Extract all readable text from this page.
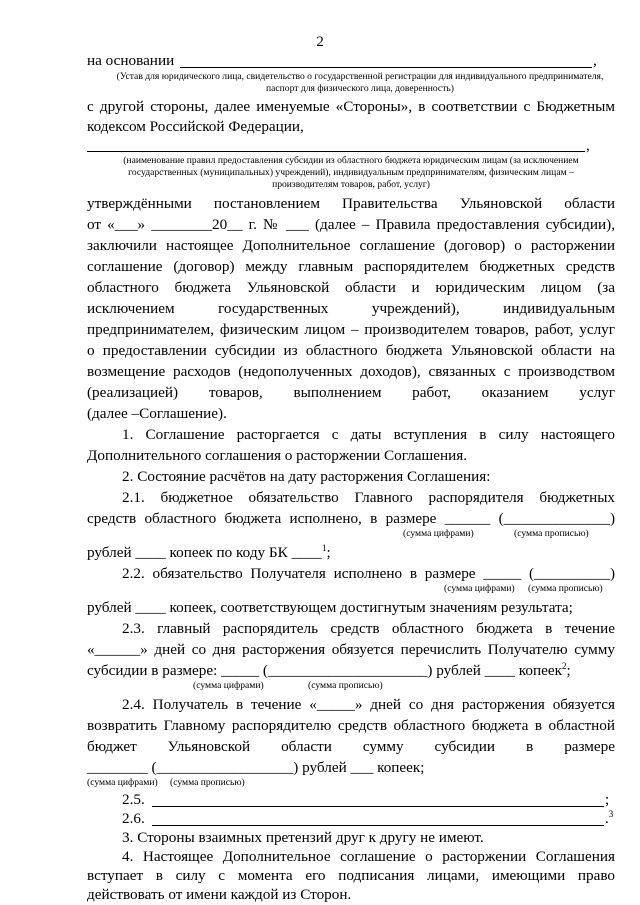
2
на основании	,
(Устав для юридического лица, свидетельство о государственной регистрации для индивидуального предпринимателя,
паспорт для физического лица, доверенность)
с другой стороны, далее именуемые «Стороны», в соответствии с Бюджетным
кодексом Российской Федерации,
,
(наименование правил предоставления субсидии из областного бюджета юридическим лицам (за исключением
государственных (муниципальных) учреждений), индивидуальным предпринимателям, физическим лицам –
производителям товаров, работ, услуг)
утверждёнными постановлением Правительства Ульяновской области
от «___» ________20__ г. № ___ (далее – Правила предоставления субсидии),
заключили настоящее Дополнительное соглашение (договор) о расторжении
соглашение (договор) между главным распорядителем бюджетных средств
областного бюджета Ульяновской области и юридическим лицом (за
исключением государственных учреждений), индивидуальным
предпринимателем, физическим лицом – производителем товаров, работ, услуг
о предоставлении субсидии из областного бюджета Ульяновской области на
возмещение расходов (недополученных доходов), связанных с производством
(реализацией) товаров, выполнением работ, оказанием услуг
(далее –Соглашение).
1. Соглашение расторгается с даты вступления в силу настоящего
Дополнительного соглашения о расторжении Соглашения.
2. Состояние расчётов на дату расторжения Соглашения:
2.1. бюджетное обязательство Главного распорядителя бюджетных
средств областного бюджета исполнено, в размере ______ (______________)
(сумма цифрами)	(сумма прописью)
рублей ____ копеек по коду БК ____$^1$;
2.2. обязательство Получателя исполнено в размере _____ (__________)
(сумма цифрами) (сумма прописью)
рублей ____ копеек, соответствующем достигнутым значениям результата;
2.3. главный распорядитель средств областного бюджета в течение
«______» дней со дня расторжения обязуется перечислить Получателю сумму
субсидии в размере: _____ (_____________________) рублей ____ копеек$^2$;
(сумма цифрами)	(сумма прописью)
2.4. Получатель в течение «_____» дней со дня расторжения обязуется
возвратить Главному распорядителю средств областного бюджета в областной
бюджет Ульяновской области сумму субсидии в размере
________ (__________________) рублей ___ копеек;
(сумма цифрами) (сумма прописью)
2.5.	;
2.6.	.$^3$
3. Стороны взаимных претензий друг к другу не имеют.
4. Настоящее Дополнительное соглашение о расторжении Соглашения
вступает в силу с момента его подписания лицами, имеющими право
действовать от имени каждой из Сторон.
